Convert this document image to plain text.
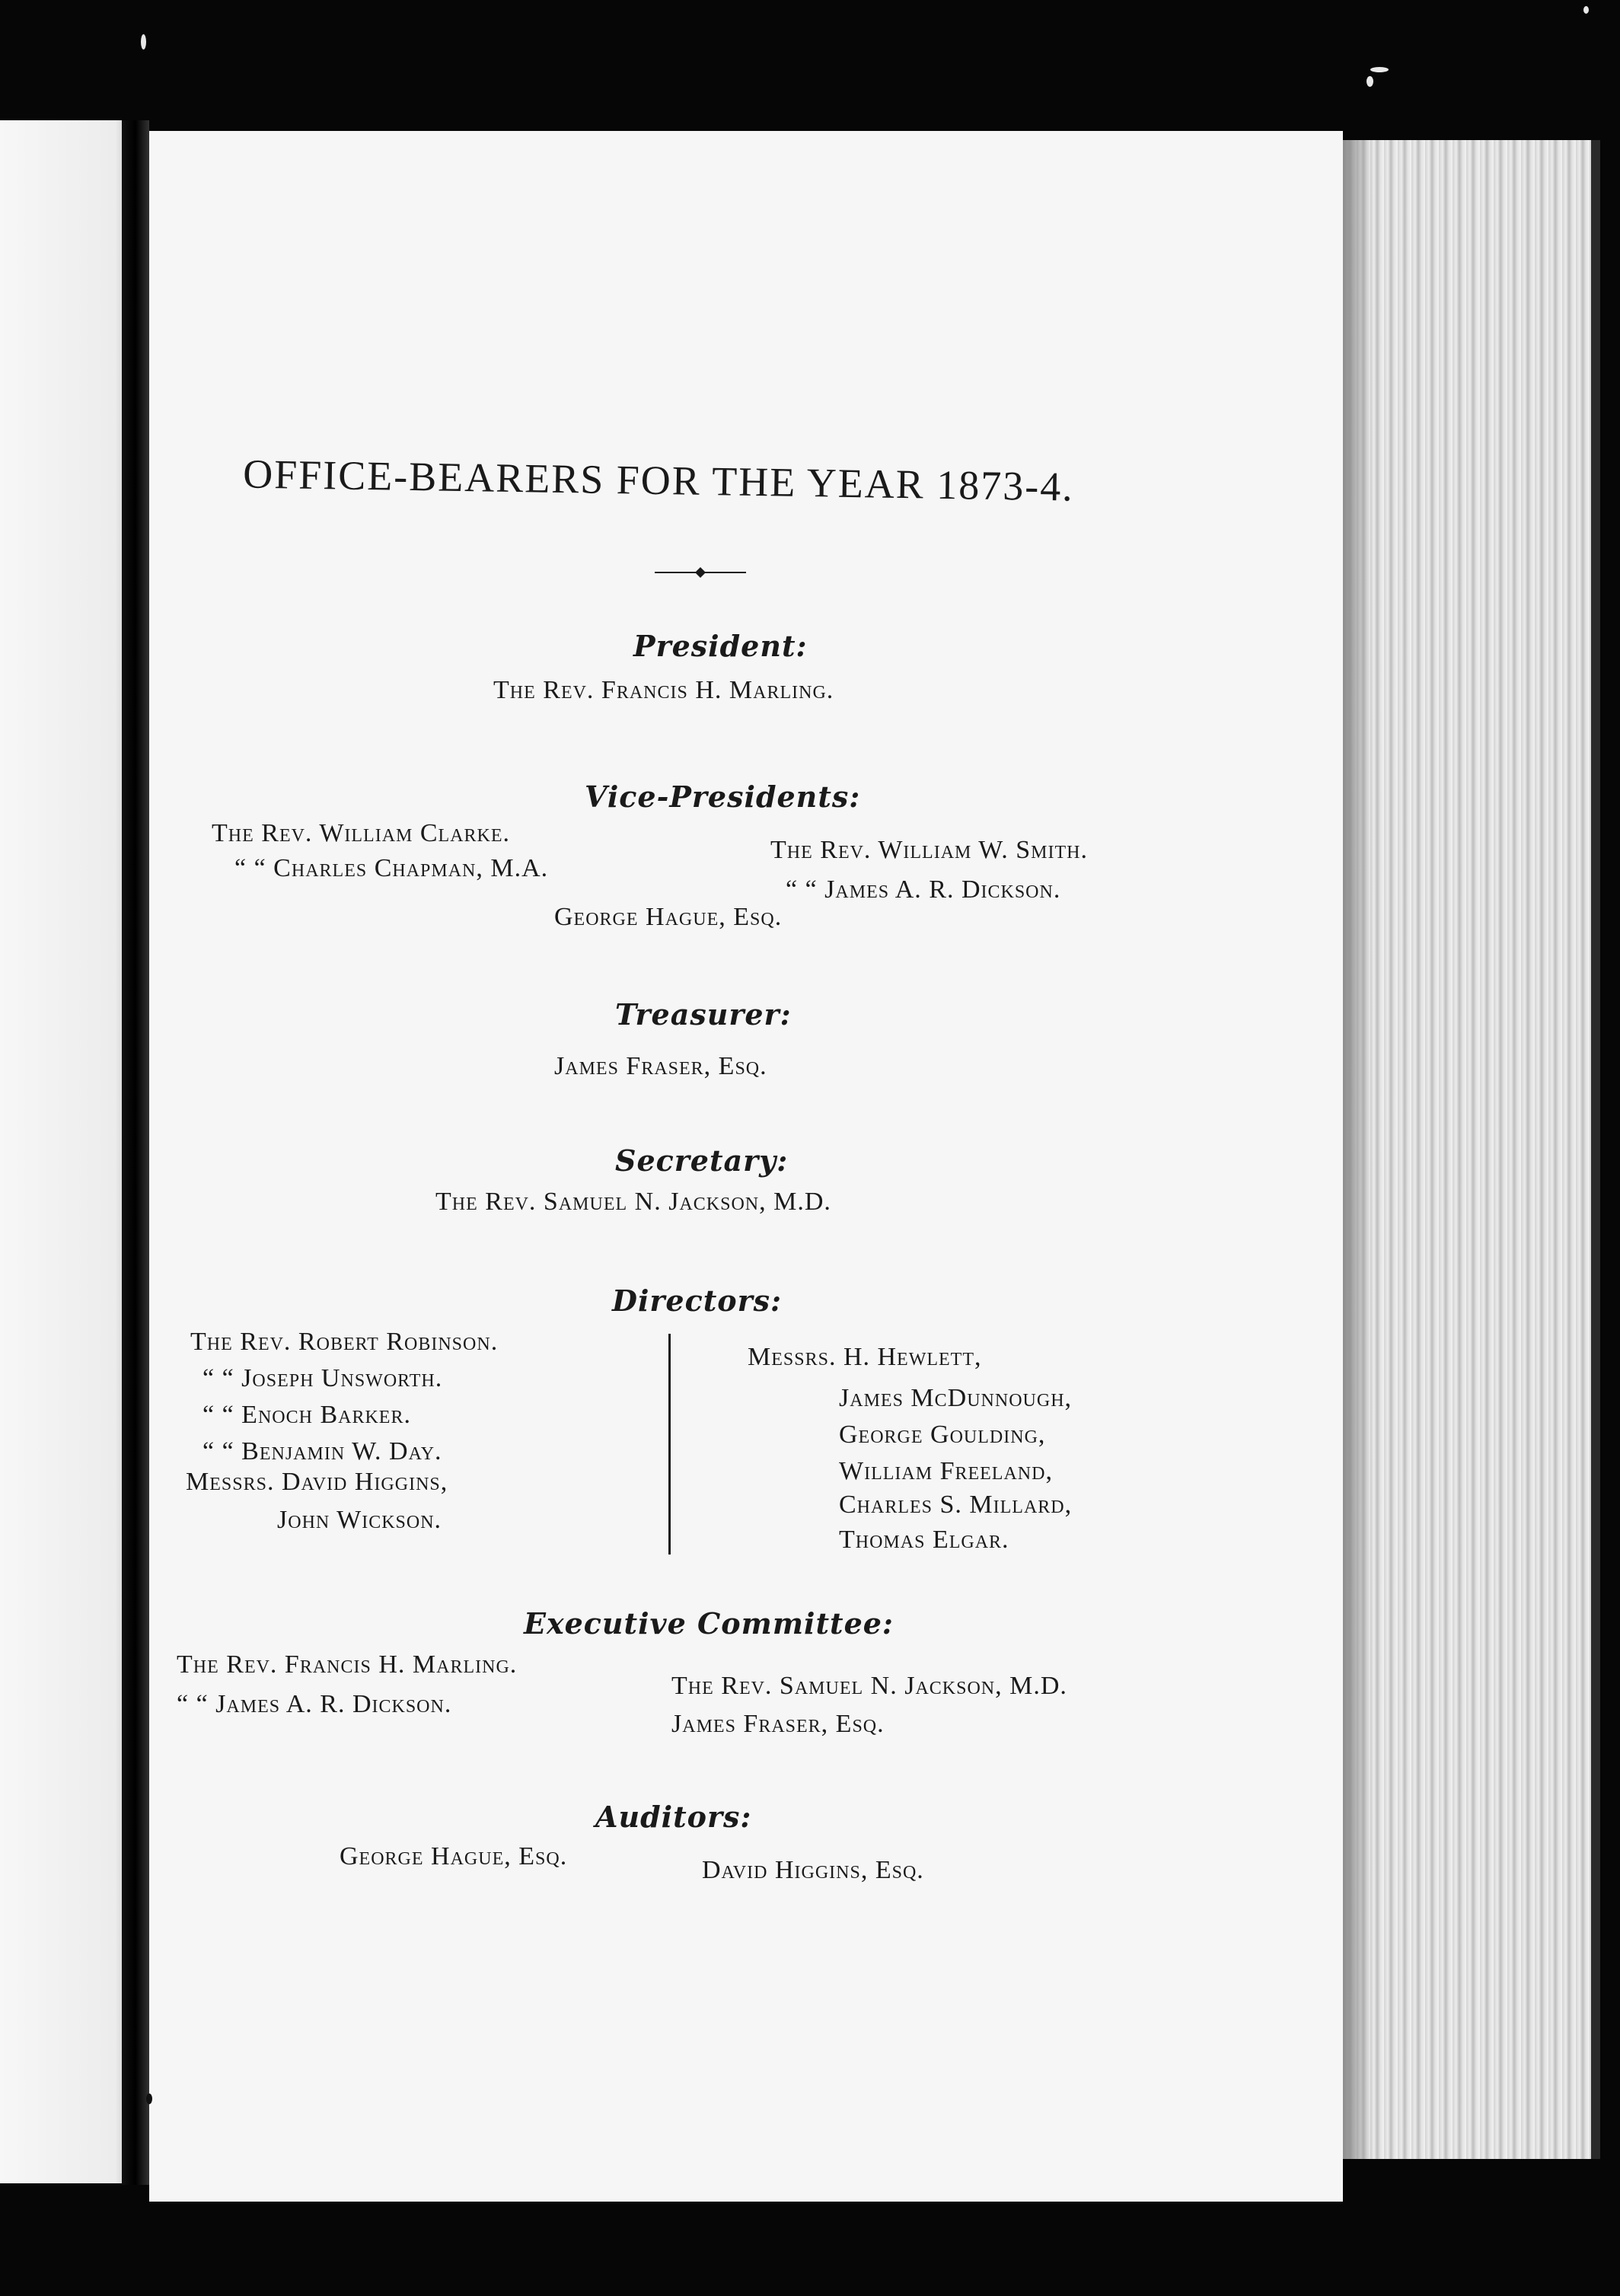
OFFICE-BEARERS FOR THE YEAR 1873-4.
President:
The Rev. Francis H. Marling.
Vice-Presidents:
The Rev. William Clarke.
“ “ Charles Chapman, M.A.
The Rev. William W. Smith.
“ “ James A. R. Dickson.
George Hague, Esq.
Treasurer:
James Fraser, Esq.
Secretary:
The Rev. Samuel N. Jackson, M.D.
Directors:
The Rev. Robert Robinson.
“ “ Joseph Unsworth.
“ “ Enoch Barker.
“ “ Benjamin W. Day.
Messrs. David Higgins,
John Wickson.
Messrs. H. Hewlett,
James McDunnough,
George Goulding,
William Freeland,
Charles S. Millard,
Thomas Elgar.
Executive Committee:
The Rev. Francis H. Marling.
“ “ James A. R. Dickson.
The Rev. Samuel N. Jackson, M.D.
James Fraser, Esq.
Auditors:
George Hague, Esq.	David Higgins, Esq.
